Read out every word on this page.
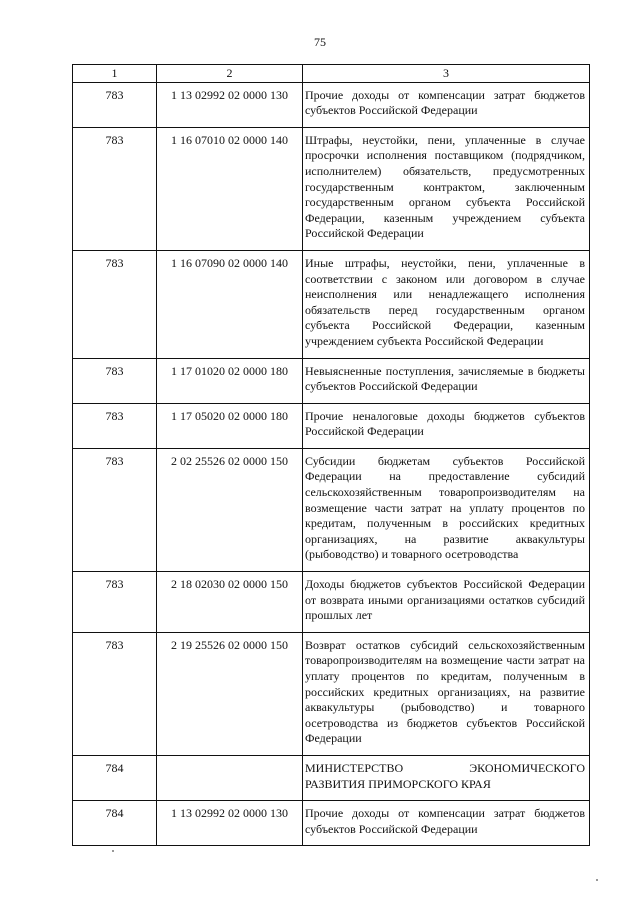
75
1	2	3
783	1 13 02992 02 0000 130	Прочие доходы от компенсации затрат бюджетов субъектов Российской Федерации
783	1 16 07010 02 0000 140	Штрафы, неустойки, пени, уплаченные в случае просрочки исполнения поставщиком (подрядчиком, исполнителем) обязательств, предусмотренных государственным контрактом, заключенным государственным органом субъекта Российской Федерации, казенным учреждением субъекта Российской Федерации
783	1 16 07090 02 0000 140	Иные штрафы, неустойки, пени, уплаченные в соответствии с законом или договором в случае неисполнения или ненадлежащего исполнения обязательств перед государственным органом субъекта Российской Федерации, казенным учреждением субъекта Российской Федерации
783	1 17 01020 02 0000 180	Невыясненные поступления, зачисляемые в бюджеты субъектов Российской Федерации
783	1 17 05020 02 0000 180	Прочие неналоговые доходы бюджетов субъектов Российской Федерации
783	2 02 25526 02 0000 150	Субсидии бюджетам субъектов Российской Федерации на предоставление субсидий сельскохозяйственным товаропроизводителям на возмещение части затрат на уплату процентов по кредитам, полученным в российских кредитных организациях, на развитие аквакультуры (рыбоводство) и товарного осетроводства
783	2 18 02030 02 0000 150	Доходы бюджетов субъектов Российской Федерации от возврата иными организациями остатков субсидий прошлых лет
783	2 19 25526 02 0000 150	Возврат остатков субсидий сельскохозяйственным товаропроизводителям на возмещение части затрат на уплату процентов по кредитам, полученным в российских кредитных организациях, на развитие аквакультуры (рыбоводство) и товарного осетроводства из бюджетов субъектов Российской Федерации
784		МИНИСТЕРСТВО ЭКОНОМИЧЕСКОГО РАЗВИТИЯ ПРИМОРСКОГО КРАЯ
784	1 13 02992 02 0000 130	Прочие доходы от компенсации затрат бюджетов субъектов Российской Федерации
